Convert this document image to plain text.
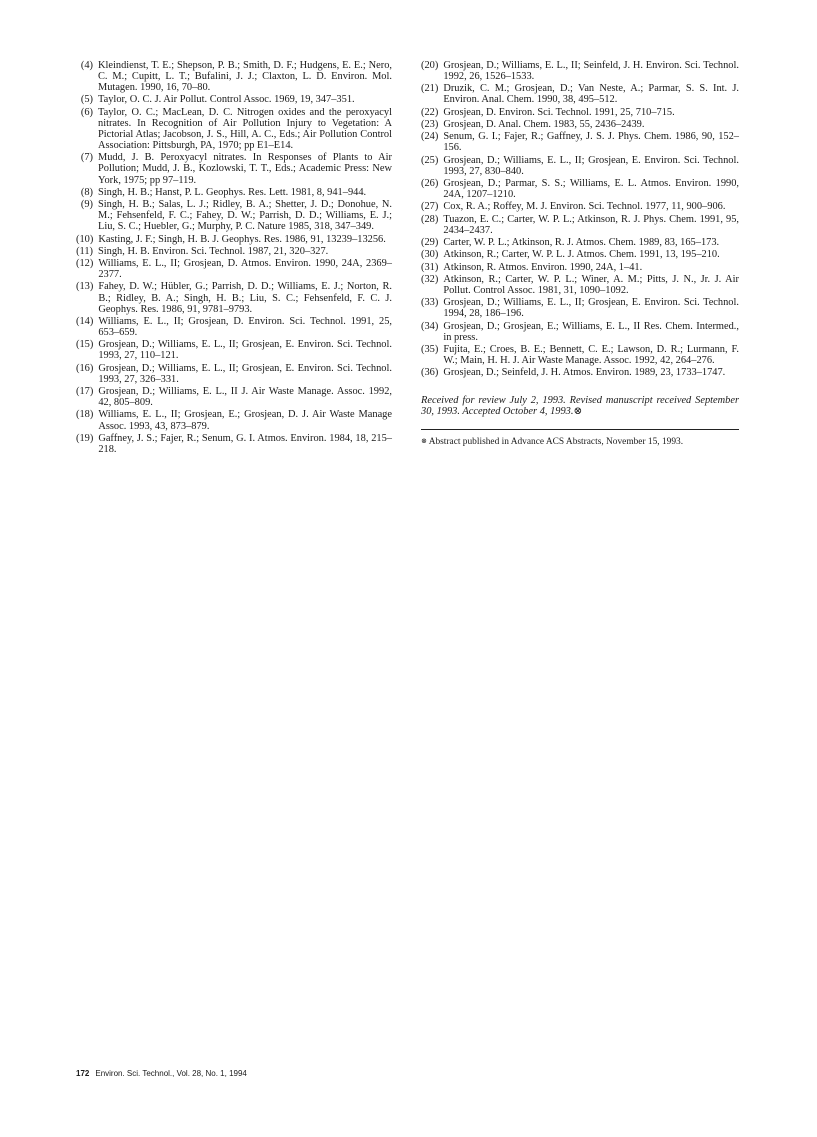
(4) Kleindienst, T. E.; Shepson, P. B.; Smith, D. F.; Hudgens, E. E.; Nero, C. M.; Cupitt, L. T.; Bufalini, J. J.; Claxton, L. D. Environ. Mol. Mutagen. 1990, 16, 70–80.
(5) Taylor, O. C. J. Air Pollut. Control Assoc. 1969, 19, 347–351.
(6) Taylor, O. C.; MacLean, D. C. Nitrogen oxides and the peroxyacyl nitrates. In Recognition of Air Pollution Injury to Vegetation: A Pictorial Atlas; Jacobson, J. S., Hill, A. C., Eds.; Air Pollution Control Association: Pittsburgh, PA, 1970; pp E1–E14.
(7) Mudd, J. B. Peroxyacyl nitrates. In Responses of Plants to Air Pollution; Mudd, J. B., Kozlowski, T. T., Eds.; Academic Press: New York, 1975; pp 97–119.
(8) Singh, H. B.; Hanst, P. L. Geophys. Res. Lett. 1981, 8, 941–944.
(9) Singh, H. B.; Salas, L. J.; Ridley, B. A.; Shetter, J. D.; Donohue, N. M.; Fehsenfeld, F. C.; Fahey, D. W.; Parrish, D. D.; Williams, E. J.; Liu, S. C.; Huebler, G.; Murphy, P. C. Nature 1985, 318, 347–349.
(10) Kasting, J. F.; Singh, H. B. J. Geophys. Res. 1986, 91, 13239–13256.
(11) Singh, H. B. Environ. Sci. Technol. 1987, 21, 320–327.
(12) Williams, E. L., II; Grosjean, D. Atmos. Environ. 1990, 24A, 2369–2377.
(13) Fahey, D. W.; Hübler, G.; Parrish, D. D.; Williams, E. J.; Norton, R. B.; Ridley, B. A.; Singh, H. B.; Liu, S. C.; Fehsenfeld, F. C. J. Geophys. Res. 1986, 91, 9781–9793.
(14) Williams, E. L., II; Grosjean, D. Environ. Sci. Technol. 1991, 25, 653–659.
(15) Grosjean, D.; Williams, E. L., II; Grosjean, E. Environ. Sci. Technol. 1993, 27, 110–121.
(16) Grosjean, D.; Williams, E. L., II; Grosjean, E. Environ. Sci. Technol. 1993, 27, 326–331.
(17) Grosjean, D.; Williams, E. L., II J. Air Waste Manage. Assoc. 1992, 42, 805–809.
(18) Williams, E. L., II; Grosjean, E.; Grosjean, D. J. Air Waste Manage Assoc. 1993, 43, 873–879.
(19) Gaffney, J. S.; Fajer, R.; Senum, G. I. Atmos. Environ. 1984, 18, 215–218.
(20) Grosjean, D.; Williams, E. L., II; Seinfeld, J. H. Environ. Sci. Technol. 1992, 26, 1526–1533.
(21) Druzik, C. M.; Grosjean, D.; Van Neste, A.; Parmar, S. S. Int. J. Environ. Anal. Chem. 1990, 38, 495–512.
(22) Grosjean, D. Environ. Sci. Technol. 1991, 25, 710–715.
(23) Grosjean, D. Anal. Chem. 1983, 55, 2436–2439.
(24) Senum, G. I.; Fajer, R.; Gaffney, J. S. J. Phys. Chem. 1986, 90, 152–156.
(25) Grosjean, D.; Williams, E. L., II; Grosjean, E. Environ. Sci. Technol. 1993, 27, 830–840.
(26) Grosjean, D.; Parmar, S. S.; Williams, E. L. Atmos. Environ. 1990, 24A, 1207–1210.
(27) Cox, R. A.; Roffey, M. J. Environ. Sci. Technol. 1977, 11, 900–906.
(28) Tuazon, E. C.; Carter, W. P. L.; Atkinson, R. J. Phys. Chem. 1991, 95, 2434–2437.
(29) Carter, W. P. L.; Atkinson, R. J. Atmos. Chem. 1989, 83, 165–173.
(30) Atkinson, R.; Carter, W. P. L. J. Atmos. Chem. 1991, 13, 195–210.
(31) Atkinson, R. Atmos. Environ. 1990, 24A, 1–41.
(32) Atkinson, R.; Carter, W. P. L.; Winer, A. M.; Pitts, J. N., Jr. J. Air Pollut. Control Assoc. 1981, 31, 1090–1092.
(33) Grosjean, D.; Williams, E. L., II; Grosjean, E. Environ. Sci. Technol. 1994, 28, 186–196.
(34) Grosjean, D.; Grosjean, E.; Williams, E. L., II Res. Chem. Intermed., in press.
(35) Fujita, E.; Croes, B. E.; Bennett, C. E.; Lawson, D. R.; Lurmann, F. W.; Main, H. H. J. Air Waste Manage. Assoc. 1992, 42, 264–276.
(36) Grosjean, D.; Seinfeld, J. H. Atmos. Environ. 1989, 23, 1733–1747.

Received for review July 2, 1993. Revised manuscript received September 30, 1993. Accepted October 4, 1993.⊗

⊗ Abstract published in Advance ACS Abstracts, November 15, 1993.

172 Environ. Sci. Technol., Vol. 28, No. 1, 1994
